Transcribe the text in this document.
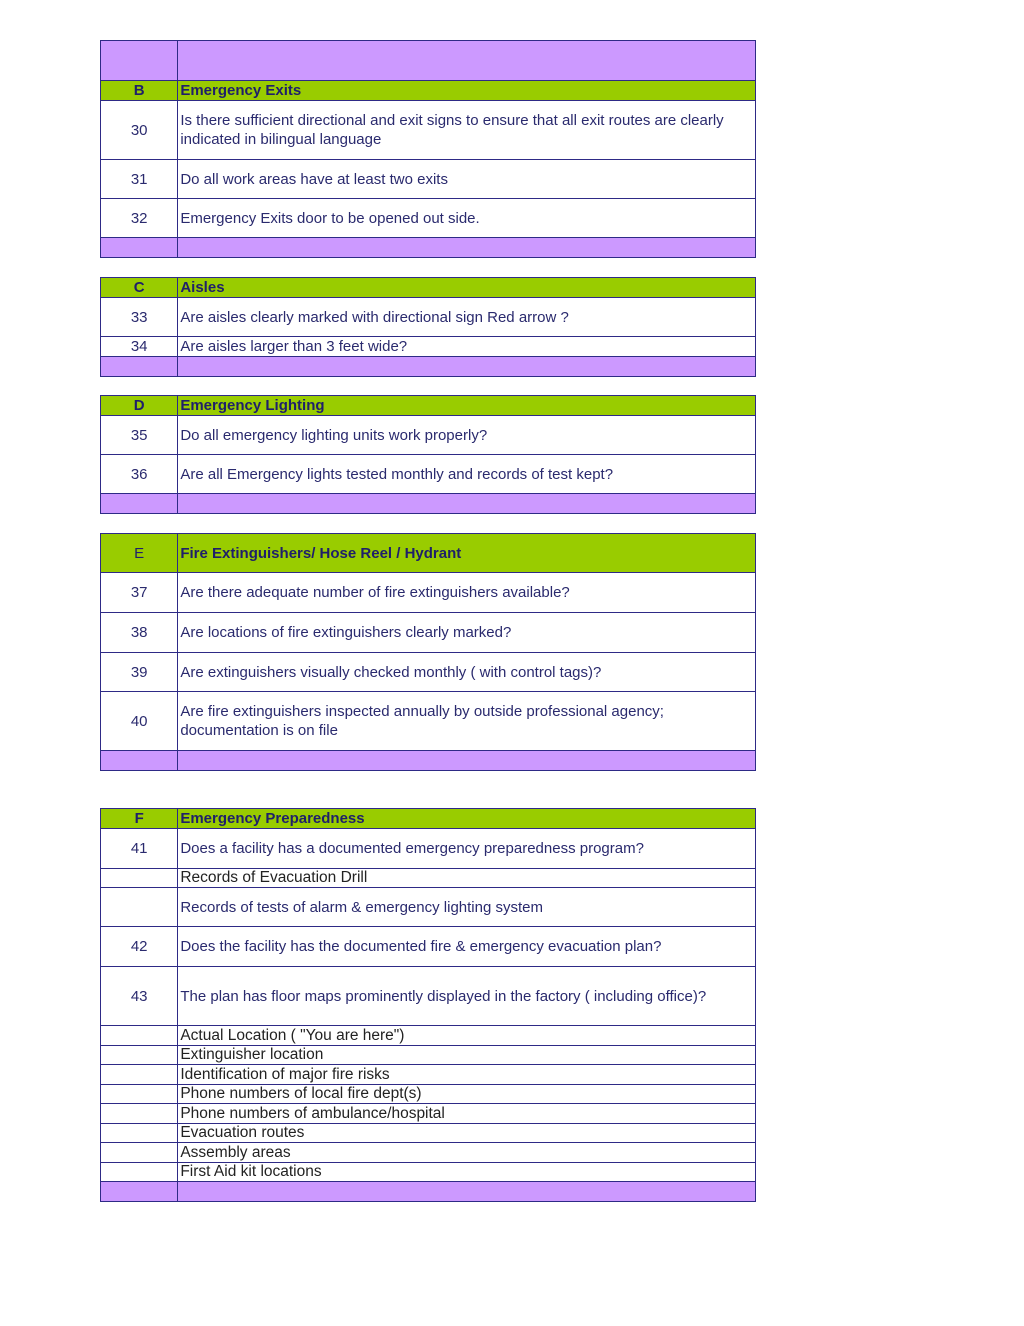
B	Emergency Exits
30	Is there sufficient directional and exit signs to ensure that all exit routes are clearly indicated in bilingual language
31	Do all work areas have at least two exits
32	Emergency Exits door to be opened out side.

C	Aisles
33	Are aisles clearly marked with directional sign Red arrow ?
34	Are aisles larger than 3 feet wide?

D	Emergency Lighting
35	Do all emergency lighting units work properly?
36	Are all Emergency lights tested monthly and records of test kept?

E	Fire Extinguishers/ Hose Reel / Hydrant
37	Are there adequate number of fire extinguishers available?
38	Are locations of fire extinguishers clearly marked?
39	Are extinguishers visually checked monthly ( with control tags)?
40	Are fire extinguishers inspected annually by outside professional agency; documentation is on file

F	Emergency Preparedness
41	Does a facility has a documented emergency preparedness program?
	Records of Evacuation Drill
	Records of tests of alarm & emergency lighting system
42	Does the facility has the documented fire & emergency evacuation plan?
43	The plan has floor maps prominently displayed in the factory ( including office)?
	Actual Location ( "You are here")
	Extinguisher location
	Identification of major fire risks
	Phone numbers of local fire dept(s)
	Phone numbers of ambulance/hospital
	Evacuation routes
	Assembly areas
	First Aid kit locations
